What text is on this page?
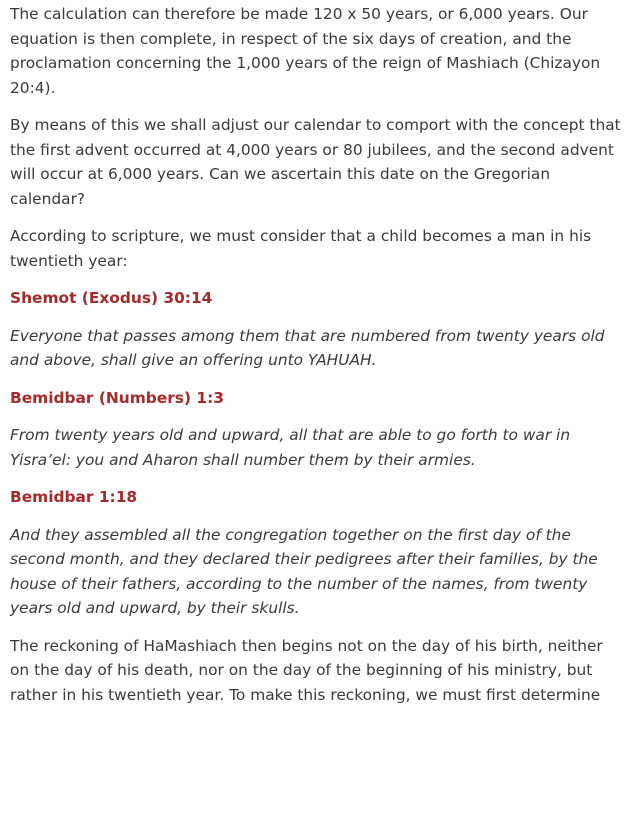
The calculation can therefore be made 120 x 50 years, or 6,000 years. Our equation is then complete, in respect of the six days of creation, and the proclamation concerning the 1,000 years of the reign of Mashiach (Chizayon 20:4).

By means of this we shall adjust our calendar to comport with the concept that the first advent occurred at 4,000 years or 80 jubilees, and the second advent will occur at 6,000 years. Can we ascertain this date on the Gregorian calendar?

According to scripture, we must consider that a child becomes a man in his twentieth year:

Shemot (Exodus) 30:14

Everyone that passes among them that are numbered from twenty years old and above, shall give an offering unto YAHUAH.

Bemidbar (Numbers) 1:3

From twenty years old and upward, all that are able to go forth to war in Yisra’el: you and Aharon shall number them by their armies.

Bemidbar 1:18

And they assembled all the congregation together on the first day of the second month, and they declared their pedigrees after their families, by the house of their fathers, according to the number of the names, from twenty years old and upward, by their skulls.

The reckoning of HaMashiach then begins not on the day of his birth, neither on the day of his death, nor on the day of the beginning of his ministry, but rather in his twentieth year. To make this reckoning, we must first determine
